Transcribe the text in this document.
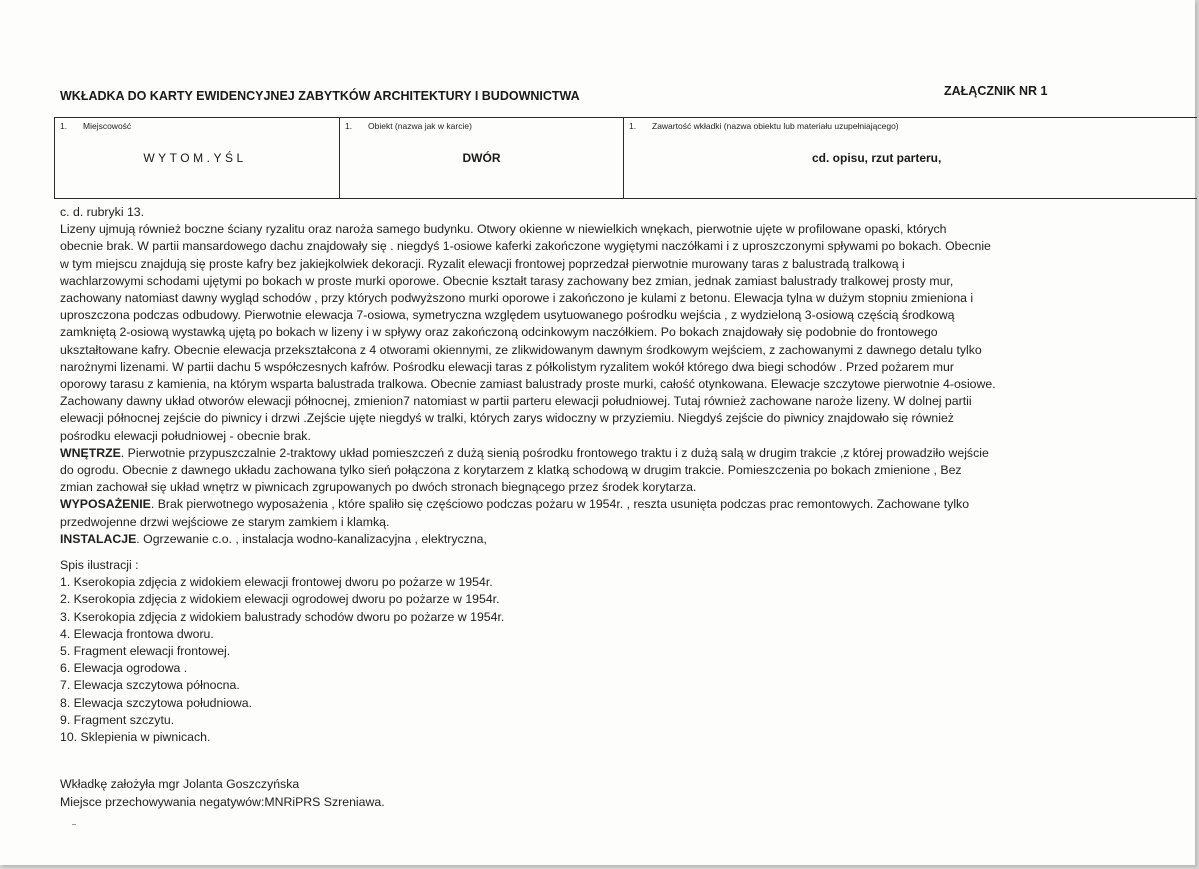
WKŁADKA DO KARTY EWIDENCYJNEJ ZABYTKÓW ARCHITEKTURY I BUDOWNICTWA	ZAŁĄCZNIK NR 1
1. Miejscowość
WYTOM.YŚL
1. Obiekt (nazwa jak w karcie)
DWÓR
1. Zawartość wkładki (nazwa obiektu lub materiału uzupełniającego)
cd. opisu, rzut parteru,
c. d. rubryki 13.
Lizeny ujmują również boczne ściany ryzalitu oraz naroża samego budynku. Otwory okienne w niewielkich wnękach, pierwotnie ujęte w profilowane opaski, których
obecnie brak. W partii mansardowego dachu znajdowały się . niegdyś 1-osiowe kaferki zakończone wygiętymi naczółkami i z uproszczonymi spływami po bokach. Obecnie
w tym miejscu znajdują się proste kafry bez jakiejkolwiek dekoracji. Ryzalit elewacji frontowej poprzedzał pierwotnie murowany taras z balustradą tralkową i
wachlarzowymi schodami ujętymi po bokach w proste murki oporowe. Obecnie kształt tarasy zachowany bez zmian, jednak zamiast balustrady tralkowej prosty mur,
zachowany natomiast dawny wygląd schodów , przy których podwyższono murki oporowe i zakończono je kulami z betonu. Elewacja tylna w dużym stopniu zmieniona i
uproszczona podczas odbudowy. Pierwotnie elewacja 7-osiowa, symetryczna względem usytuowanego pośrodku wejścia , z wydzieloną 3-osiową częścią środkową
zamkniętą 2-osiową wystawką ujętą po bokach w lizeny i w spływy oraz zakończoną odcinkowym naczółkiem. Po bokach znajdowały się podobnie do frontowego
ukształtowane kafry. Obecnie elewacja przekształcona z 4 otworami okiennymi, ze zlikwidowanym dawnym środkowym wejściem, z zachowanymi z dawnego detalu tylko
narożnymi lizenami. W partii dachu 5 współczesnych kafrów. Pośrodku elewacji taras z półkolistym ryzalitem wokół którego dwa biegi schodów . Przed pożarem mur
oporowy tarasu z kamienia, na którym wsparta balustrada tralkowa. Obecnie zamiast balustrady proste murki, całość otynkowana. Elewacje szczytowe pierwotnie 4-osiowe.
Zachowany dawny układ otworów elewacji północnej, zmienion7 natomiast w partii parteru elewacji południowej. Tutaj również zachowane naroże lizeny. W dolnej partii
elewacji północnej zejście do piwnicy i drzwi .Zejście ujęte niegdyś w tralki, których zarys widoczny w przyziemiu. Niegdyś zejście do piwnicy znajdowało się również
pośrodku elewacji południowej - obecnie brak.
WNĘTRZE. Pierwotnie przypuszczalnie 2-traktowy układ pomieszczeń z dużą sienią pośrodku frontowego traktu i z dużą salą w drugim trakcie ,z której prowadziło wejście
do ogrodu. Obecnie z dawnego układu zachowana tylko sień połączona z korytarzem z klatką schodową w drugim trakcie. Pomieszczenia po bokach zmienione , Bez
zmian zachował się układ wnętrz w piwnicach zgrupowanych po dwóch stronach biegnącego przez środek korytarza.
WYPOSAŻENIE. Brak pierwotnego wyposażenia , które spaliło się częściowo podczas pożaru w 1954r. , reszta usunięta podczas prac remontowych. Zachowane tylko
przedwojenne drzwi wejściowe ze starym zamkiem i klamką.
INSTALACJE. Ogrzewanie c.o. , instalacja wodno-kanalizacyjna , elektryczna,
Spis ilustracji :
1. Kserokopia zdjęcia z widokiem elewacji frontowej dworu po pożarze w 1954r.
2. Kserokopia zdjęcia z widokiem elewacji ogrodowej dworu po pożarze w 1954r.
3. Kserokopia zdjęcia z widokiem balustrady schodów dworu po pożarze w 1954r.
4. Elewacja frontowa dworu.
5. Fragment elewacji frontowej.
6. Elewacja ogrodowa .
7. Elewacja szczytowa północna.
8. Elewacja szczytowa południowa.
9. Fragment szczytu.
10. Sklepienia w piwnicach.
Wkładkę założyła mgr Jolanta Goszczyńska
Miejsce przechowywania negatywów:MNRiPRS Szreniawa.
